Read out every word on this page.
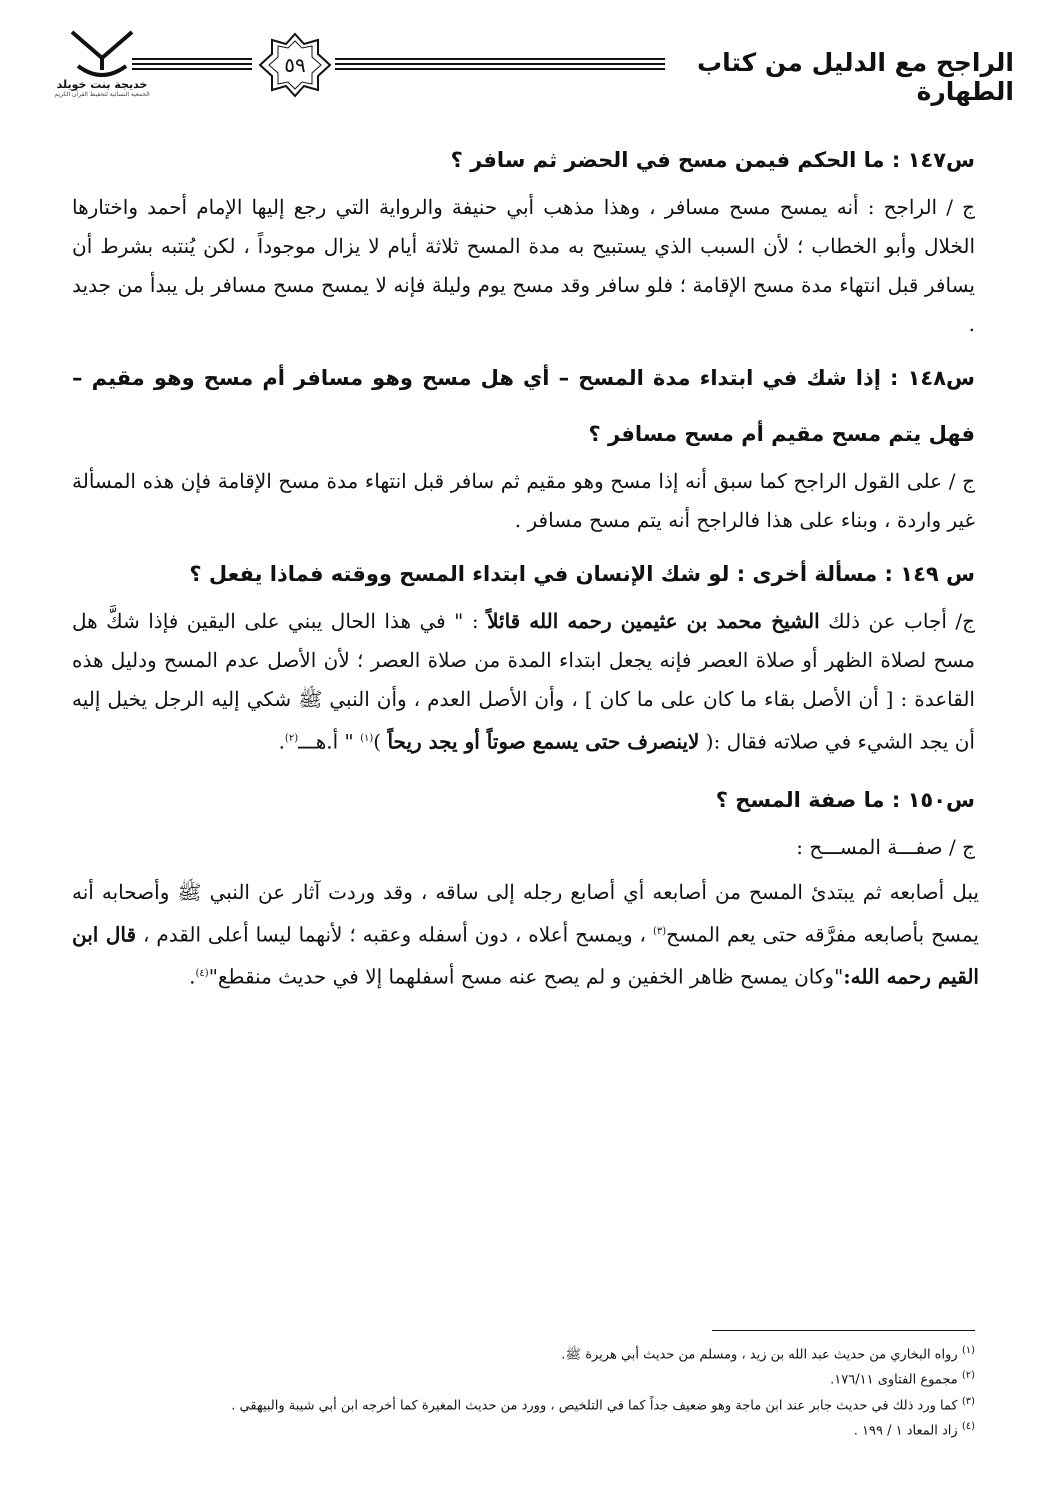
خديجة بنت خويلد
الجمعية النسائية لتحفيظ القرآن الكريم
٥٩	الراجح مع الدليل من كتاب الطهارة

س١٤٧ : ما الحكم فيمن مسح في الحضر ثم سافر ؟

ج / الراجح : أنه يمسح مسح مسافر ، وهذا مذهب أبي حنيفة والرواية التي رجع إليها الإمام أحمد واختارها الخلال وأبو الخطاب ؛ لأن السبب الذي يستبيح به مدة المسح ثلاثة أيام لا يزال موجوداً ، لكن يُنتبه بشرط أن يسافر قبل انتهاء مدة مسح الإقامة ؛ فلو سافر وقد مسح يوم وليلة فإنه لا يمسح مسح مسافر بل يبدأ من جديد .

س١٤٨ : إذا شك في ابتداء مدة المسح – أي هل مسح وهو مسافر أم مسح وهو مقيم – فهل يتم مسح مقيم أم مسح مسافر ؟

ج / على القول الراجح كما سبق أنه إذا مسح وهو مقيم ثم سافر قبل انتهاء مدة مسح الإقامة فإن هذه المسألة غير واردة ، وبناء على هذا فالراجح أنه يتم مسح مسافر .

س ١٤٩ : مسألة أخرى : لو شك الإنسان في ابتداء المسح ووقته فماذا يفعل ؟

ج/ أجاب عن ذلك الشيخ محمد بن عثيمين رحمه الله قائلاً : " في هذا الحال يبني على اليقين فإذا شكَّ هل مسح لصلاة الظهر أو صلاة العصر فإنه يجعل ابتداء المدة من صلاة العصر ؛ لأن الأصل عدم المسح ودليل هذه القاعدة : [ أن الأصل بقاء ما كان على ما كان ] ، وأن الأصل العدم ، وأن النبي ﷺ شكي إليه الرجل يخيل إليه أن يجد الشيء في صلاته فقال :( لاينصرف حتى يسمع صوتاً أو يجد ريحاً )$^{(١)}$ " أ.هـــ$^{(٢)}$.

س١٥٠ : ما صفة المسح ؟

ج / صفـــة المســـح :

يبل أصابعه ثم يبتدئ المسح من أصابعه أي أصابع رجله إلى ساقه ، وقد وردت آثار عن النبي ﷺ وأصحابه أنه يمسح بأصابعه مفرَّقه حتى يعم المسح$^{(٣)}$ ، ويمسح أعلاه ، دون أسفله وعقبه ؛ لأنهما ليسا أعلى القدم ، قال ابن القيم رحمه الله:"وكان يمسح ظاهر الخفين و لم يصح عنه مسح أسفلهما إلا في حديث منقطع"$^{(٤)}$.

$^{(١)}$ رواه البخاري من حديث عبد الله بن زيد ، ومسلم من حديث أبي هريرة ﷺ.

$^{(٢)}$ مجموع الفتاوى ١٧٦/١١.

$^{(٣)}$ كما ورد ذلك في حديث جابر عند ابن ماجة وهو ضعيف جداً كما في التلخيص ، وورد من حديث المغيرة كما أخرجه ابن أبي شيبة والبيهقي .

$^{(٤)}$ زاد المعاد ١ / ١٩٩ .
